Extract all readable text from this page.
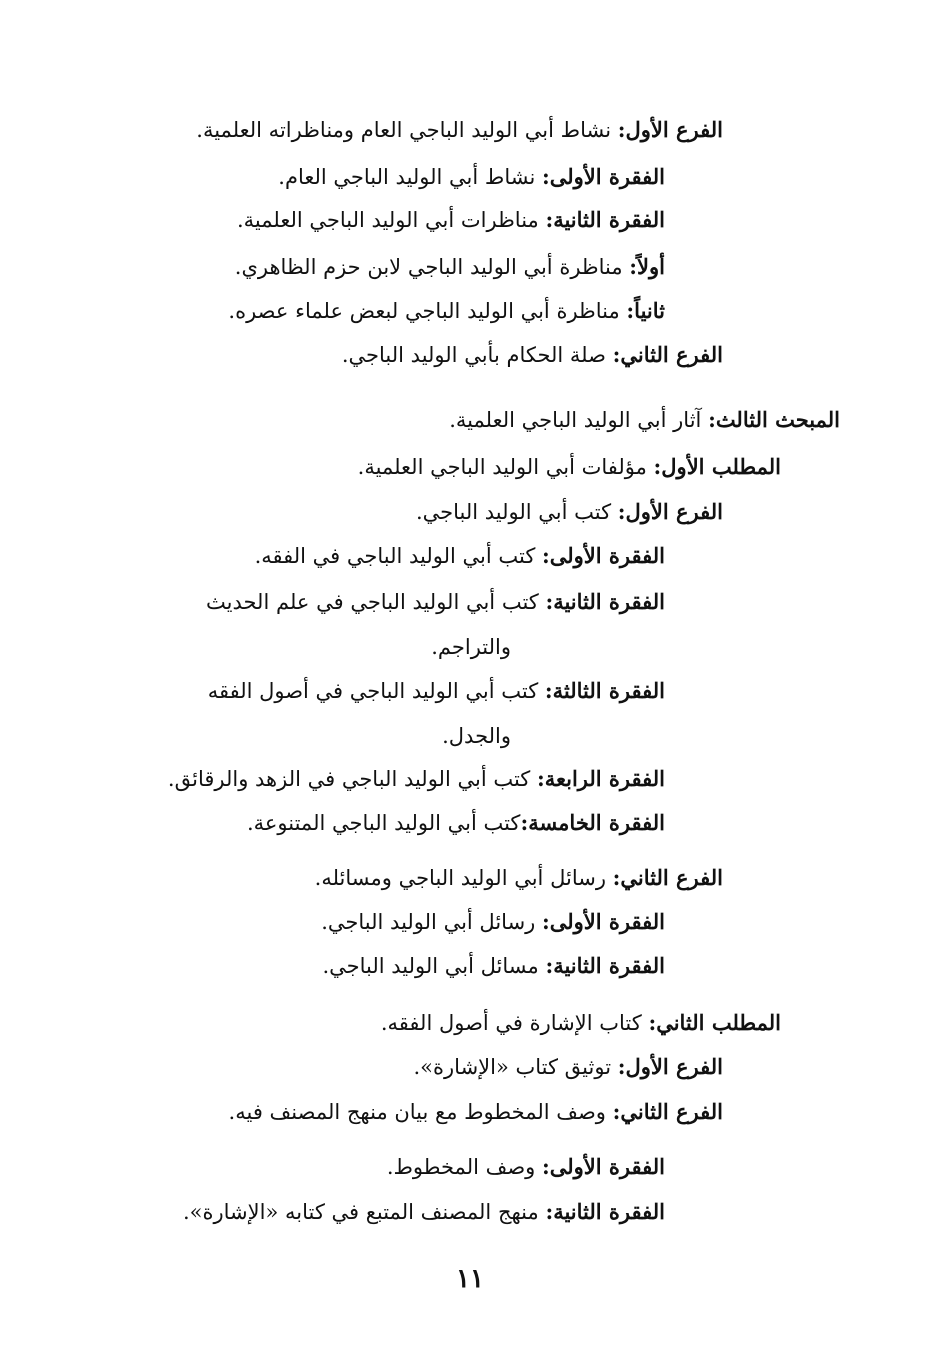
الفرع الأول: نشاط أبي الوليد الباجي العام ومناظراته العلمية.
الفقرة الأولى: نشاط أبي الوليد الباجي العام.
الفقرة الثانية: مناظرات أبي الوليد الباجي العلمية.
أولاً: مناظرة أبي الوليد الباجي لابن حزم الظاهري.
ثانياً: مناظرة أبي الوليد الباجي لبعض علماء عصره.
الفرع الثاني: صلة الحكام بأبي الوليد الباجي.
المبحث الثالث: آثار أبي الوليد الباجي العلمية.
المطلب الأول: مؤلفات أبي الوليد الباجي العلمية.
الفرع الأول: كتب أبي الوليد الباجي.
الفقرة الأولى: كتب أبي الوليد الباجي في الفقه.
الفقرة الثانية: كتب أبي الوليد الباجي في علم الحديث
والتراجم.
الفقرة الثالثة: كتب أبي الوليد الباجي في أصول الفقه
والجدل.
الفقرة الرابعة: كتب أبي الوليد الباجي في الزهد والرقائق.
الفقرة الخامسة:كتب أبي الوليد الباجي المتنوعة.
الفرع الثاني: رسائل أبي الوليد الباجي ومسائله.
الفقرة الأولى: رسائل أبي الوليد الباجي.
الفقرة الثانية: مسائل أبي الوليد الباجي.
المطلب الثاني: كتاب الإشارة في أصول الفقه.
الفرع الأول: توثيق كتاب «الإشارة».
الفرع الثاني: وصف المخطوط مع بيان منهج المصنف فيه.
الفقرة الأولى: وصف المخطوط.
الفقرة الثانية: منهج المصنف المتبع في كتابه «الإشارة».
١١
